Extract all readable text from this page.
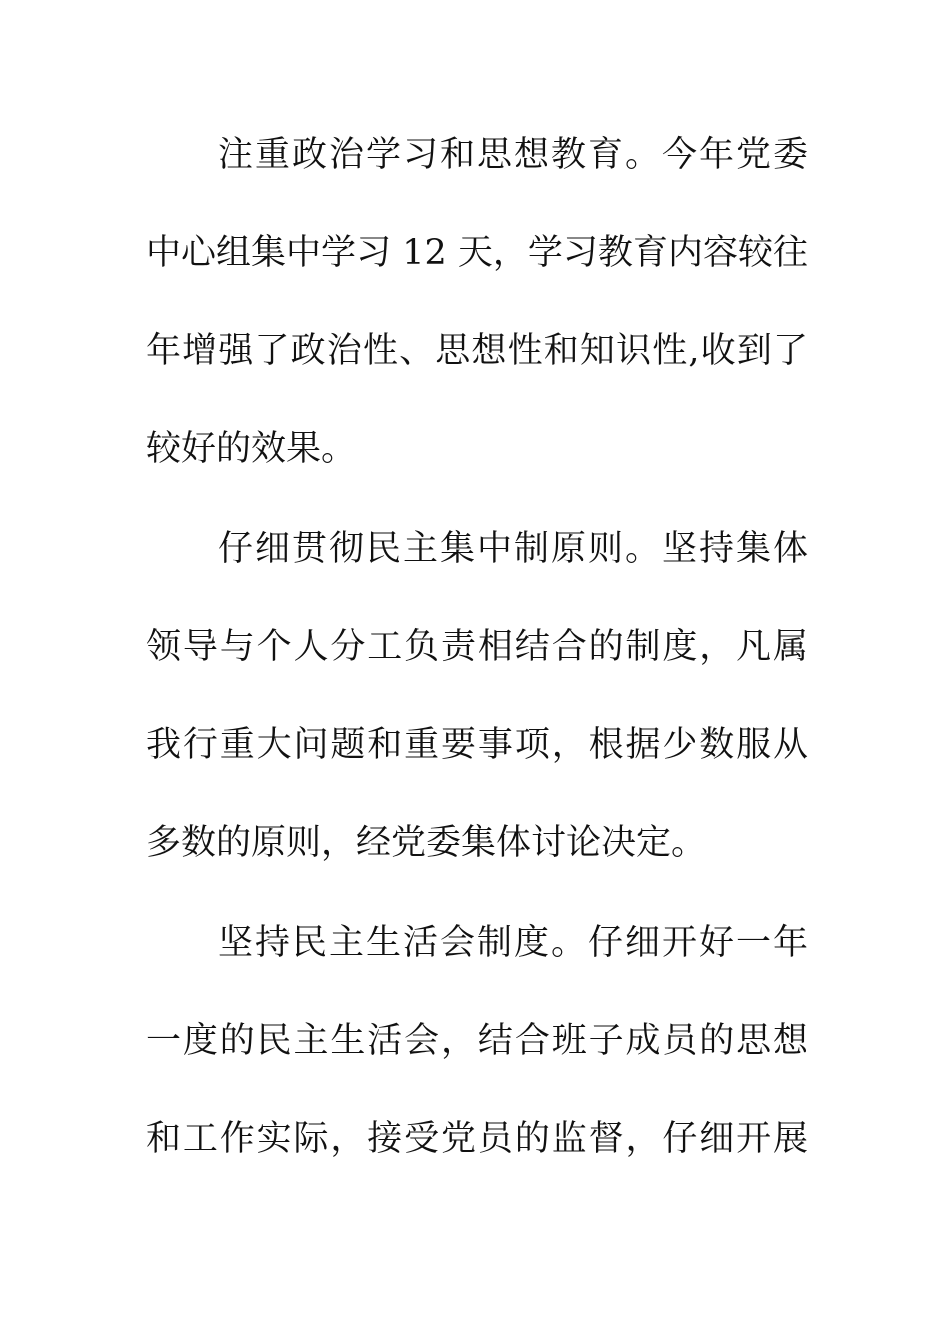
注重政治学习和思想教育。今年党委
中心组集中学习 12 天，学习教育内容较往
年增强了政治性、思想性和知识性,收到了
较好的效果。
仔细贯彻民主集中制原则。坚持集体
领导与个人分工负责相结合的制度，凡属
我行重大问题和重要事项，根据少数服从
多数的原则，经党委集体讨论决定。
坚持民主生活会制度。仔细开好一年
一度的民主生活会，结合班子成员的思想
和工作实际，接受党员的监督，仔细开展
